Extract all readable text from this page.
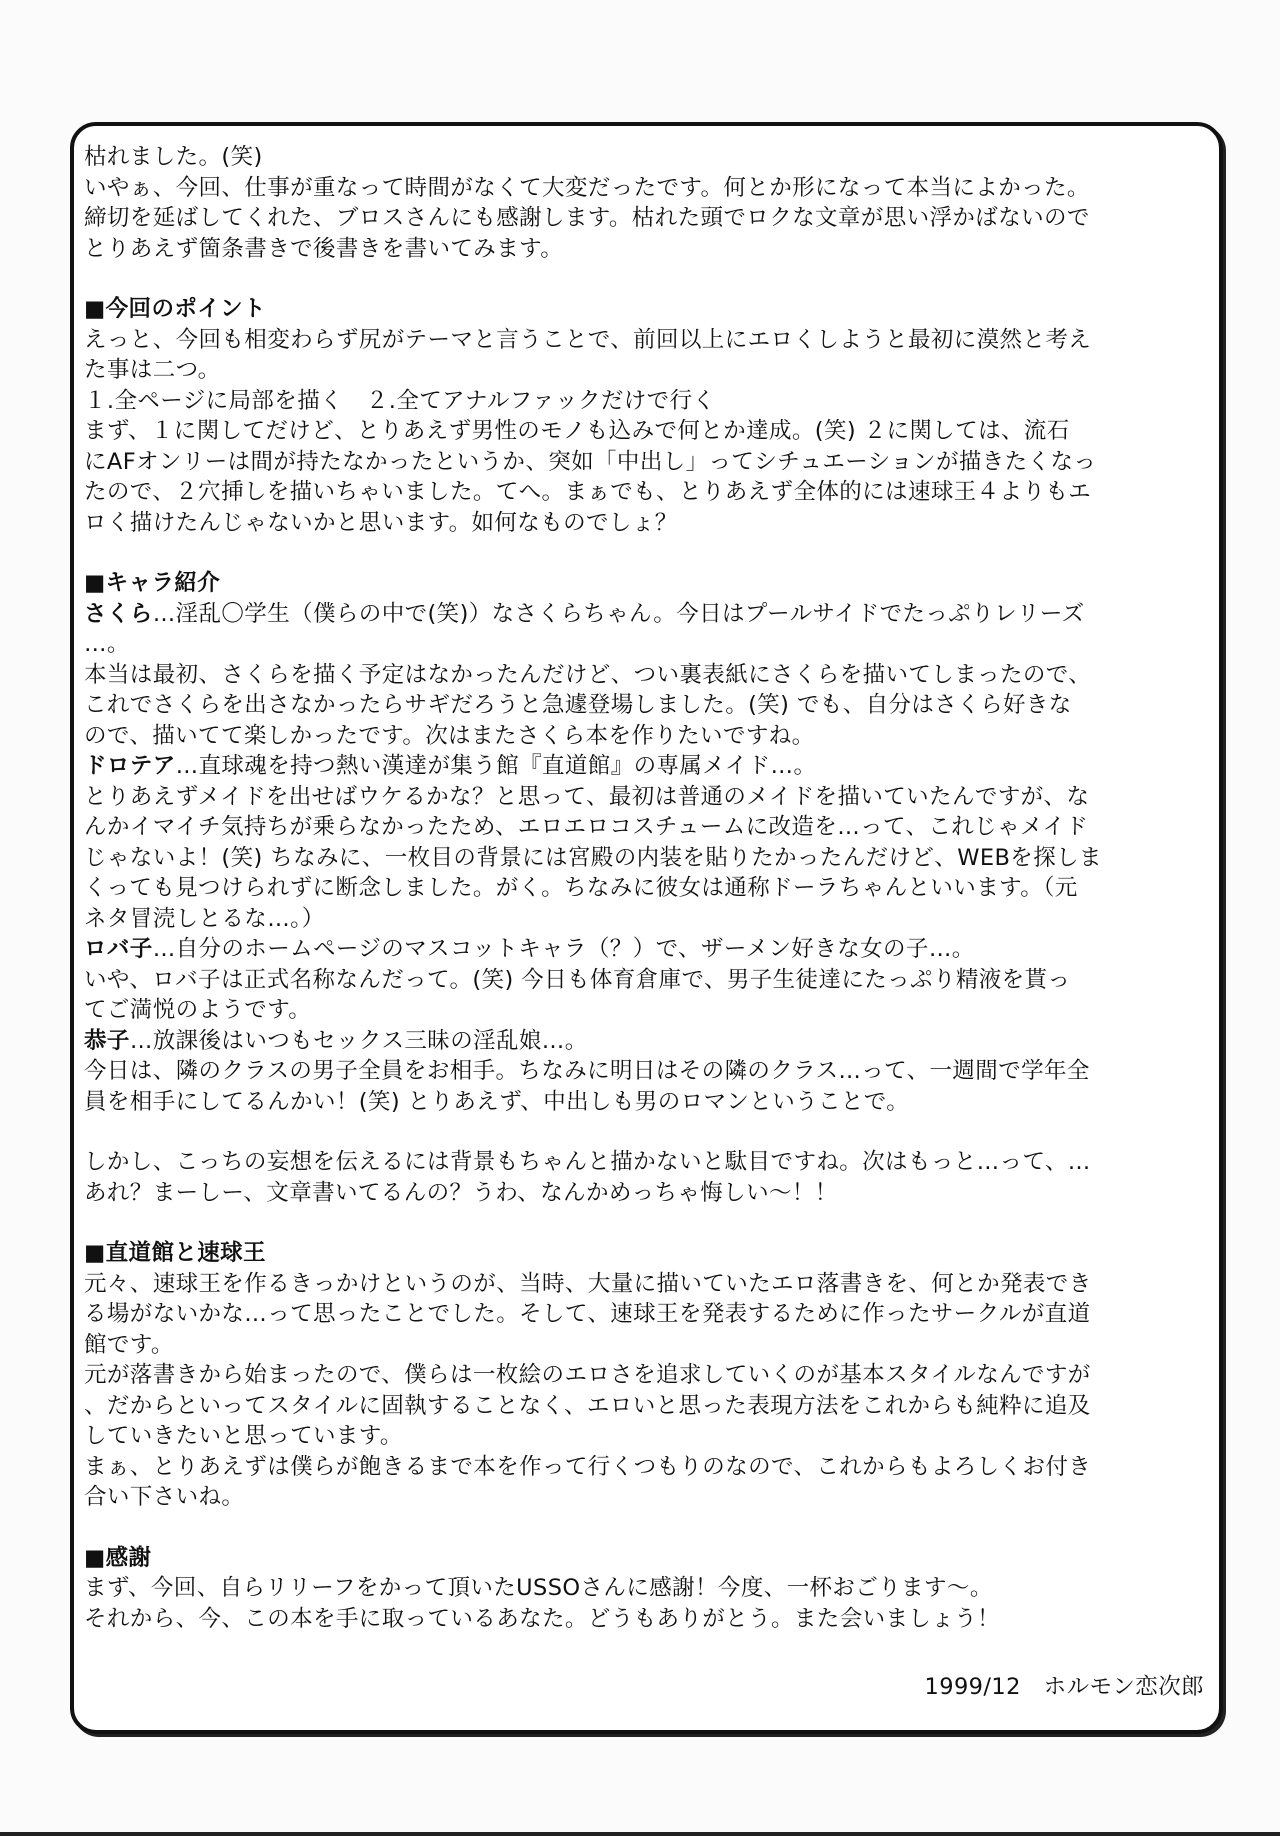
枯れました。(笑)

いやぁ、今回、仕事が重なって時間がなくて大変だったです。何とか形になって本当によかった。

締切を延ばしてくれた、ブロスさんにも感謝します。枯れた頭でロクな文章が思い浮かばないので

とりあえず箇条書きで後書きを書いてみます。

■今回のポイント

えっと、今回も相変わらず尻がテーマと言うことで、前回以上にエロくしようと最初に漠然と考え

た事は二つ。

１.全ページに局部を描く　２.全てアナルファックだけで行く

まず、１に関してだけど、とりあえず男性のモノも込みで何とか達成。(笑) ２に関しては、流石

にAFオンリーは間が持たなかったというか、突如「中出し」ってシチュエーションが描きたくなっ

たので、２穴挿しを描いちゃいました。てへ。まぁでも、とりあえず全体的には速球王４よりもエ

ロく描けたんじゃないかと思います。如何なものでしょ？

■キャラ紹介

さくら…淫乱〇学生（僕らの中で(笑)）なさくらちゃん。今日はプールサイドでたっぷりレリーズ

…。

本当は最初、さくらを描く予定はなかったんだけど、つい裏表紙にさくらを描いてしまったので、

これでさくらを出さなかったらサギだろうと急遽登場しました。(笑) でも、自分はさくら好きな

ので、描いてて楽しかったです。次はまたさくら本を作りたいですね。

ドロテア…直球魂を持つ熱い漢達が集う館『直道館』の専属メイド…。

とりあえずメイドを出せばウケるかな？と思って、最初は普通のメイドを描いていたんですが、な

んかイマイチ気持ちが乗らなかったため、エロエロコスチュームに改造を…って、これじゃメイド

じゃないよ！(笑) ちなみに、一枚目の背景には宮殿の内装を貼りたかったんだけど、WEBを探しま

くっても見つけられずに断念しました。がく。ちなみに彼女は通称ドーラちゃんといいます。（元

ネタ冒涜しとるな…。）

ロバ子…自分のホームページのマスコットキャラ（？）で、ザーメン好きな女の子…。

いや、ロバ子は正式名称なんだって。(笑) 今日も体育倉庫で、男子生徒達にたっぷり精液を貰っ

てご満悦のようです。

恭子…放課後はいつもセックス三昧の淫乱娘…。

今日は、隣のクラスの男子全員をお相手。ちなみに明日はその隣のクラス…って、一週間で学年全

員を相手にしてるんかい！(笑) とりあえず、中出しも男のロマンということで。

しかし、こっちの妄想を伝えるには背景もちゃんと描かないと駄目ですね。次はもっと…って、…

あれ？まーしー、文章書いてるんの？うわ、なんかめっちゃ悔しい～！！

■直道館と速球王

元々、速球王を作るきっかけというのが、当時、大量に描いていたエロ落書きを、何とか発表でき

る場がないかな…って思ったことでした。そして、速球王を発表するために作ったサークルが直道

館です。

元が落書きから始まったので、僕らは一枚絵のエロさを追求していくのが基本スタイルなんですが

、だからといってスタイルに固執することなく、エロいと思った表現方法をこれからも純粋に追及

していきたいと思っています。

まぁ、とりあえずは僕らが飽きるまで本を作って行くつもりのなので、これからもよろしくお付き

合い下さいね。

■感謝

まず、今回、自らリリーフをかって頂いたUSSOさんに感謝！今度、一杯おごります～。

それから、今、この本を手に取っているあなた。どうもありがとう。また会いましょう！

1999/12　ホルモン恋次郎
